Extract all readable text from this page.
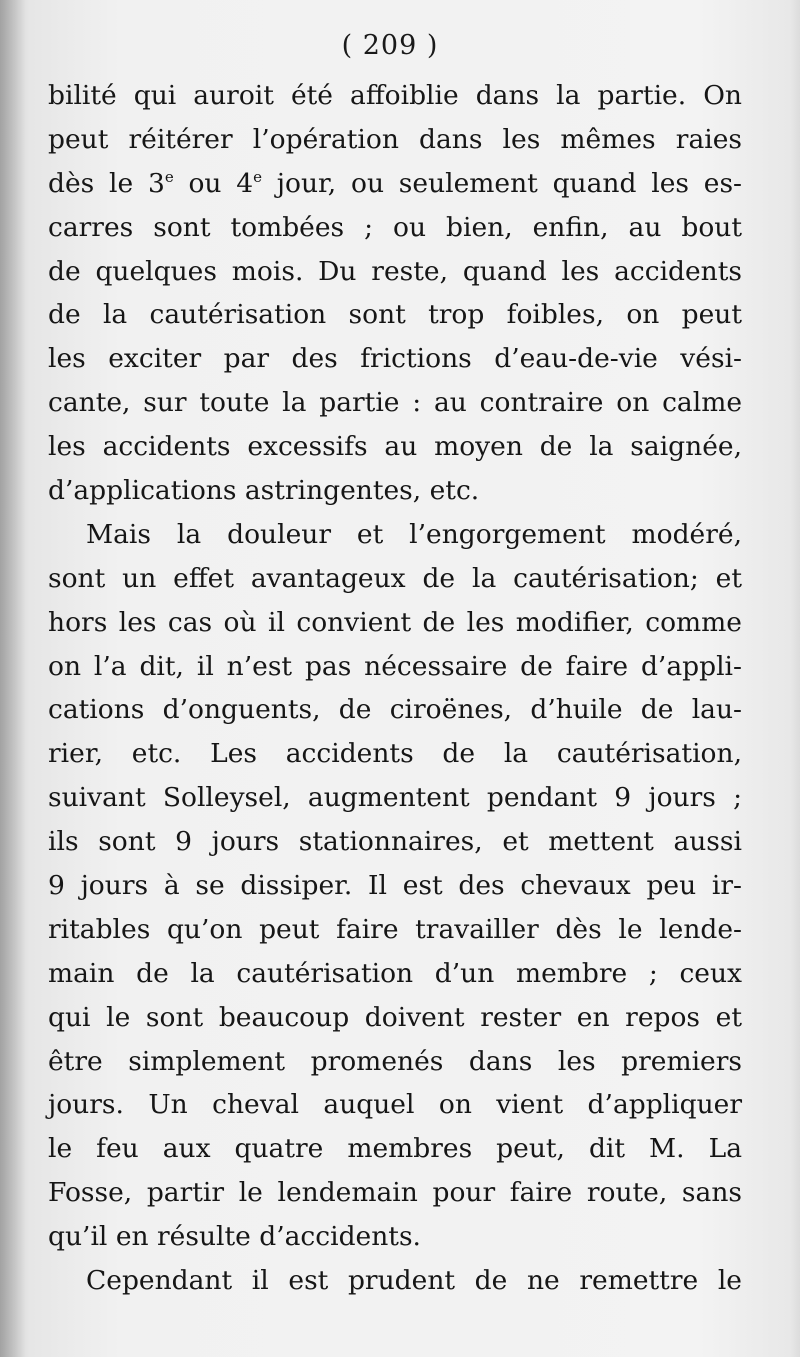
( 209 )
bilité qui auroit été affoiblie dans la partie. On
peut réitérer l’opération dans les mêmes raies
dès le 3e ou 4e jour, ou seulement quand les es-
carres sont tombées ; ou bien, enfin, au bout
de quelques mois. Du reste, quand les accidents
de la cautérisation sont trop foibles, on peut
les exciter par des frictions d’eau-de-vie vési-
cante, sur toute la partie : au contraire on calme
les accidents excessifs au moyen de la saignée,
d’applications astringentes, etc.
Mais la douleur et l’engorgement modéré,
sont un effet avantageux de la cautérisation; et
hors les cas où il convient de les modifier, comme
on l’a dit, il n’est pas nécessaire de faire d’appli-
cations d’onguents, de ciroënes, d’huile de lau-
rier, etc. Les accidents de la cautérisation,
suivant Solleysel, augmentent pendant 9 jours ;
ils sont 9 jours stationnaires, et mettent aussi
9 jours à se dissiper. Il est des chevaux peu ir-
ritables qu’on peut faire travailler dès le lende-
main de la cautérisation d’un membre ; ceux
qui le sont beaucoup doivent rester en repos et
être simplement promenés dans les premiers
jours. Un cheval auquel on vient d’appliquer
le feu aux quatre membres peut, dit M. La
Fosse, partir le lendemain pour faire route, sans
qu’il en résulte d’accidents.
Cependant il est prudent de ne remettre le
